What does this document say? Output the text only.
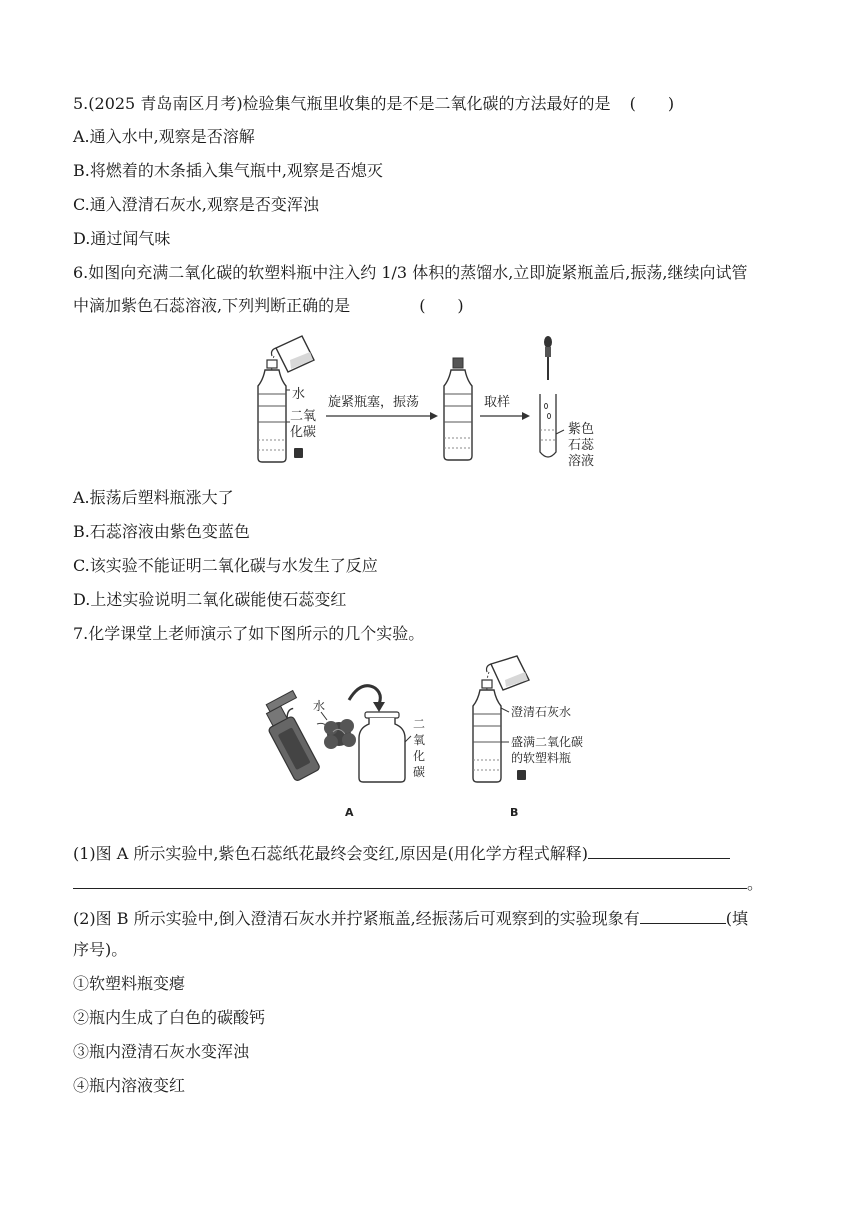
5.(2025 青岛南区月考)检验集气瓶里收集的是不是二氧化碳的方法最好的是 (　　)
A.通入水中,观察是否溶解
B.将燃着的木条插入集气瓶中,观察是否熄灭
C.通入澄清石灰水,观察是否变浑浊
D.通过闻气味
6.如图向充满二氧化碳的软塑料瓶中注入约 1/3 体积的蒸馏水,立即旋紧瓶盖后,振荡,继续向试管
中滴加紫色石蕊溶液,下列判断正确的是	(　　)
水
二氧
化碳
旋紧瓶塞，振荡	取样
紫色
石蕊
溶液
A.振荡后塑料瓶涨大了
B.石蕊溶液由紫色变蓝色
C.该实验不能证明二氧化碳与水发生了反应
D.上述实验说明二氧化碳能使石蕊变红
7.化学课堂上老师演示了如下图所示的几个实验。
水
二
氧
化
碳
A
澄清石灰水
盛满二氧化碳
的软塑料瓶
B
(1)图 A 所示实验中,紫色石蕊纸花最终会变红,原因是(用化学方程式解释)
。
(2)图 B 所示实验中,倒入澄清石灰水并拧紧瓶盖,经振荡后可观察到的实验现象有	(填
序号)。
①软塑料瓶变瘪
②瓶内生成了白色的碳酸钙
③瓶内澄清石灰水变浑浊
④瓶内溶液变红
